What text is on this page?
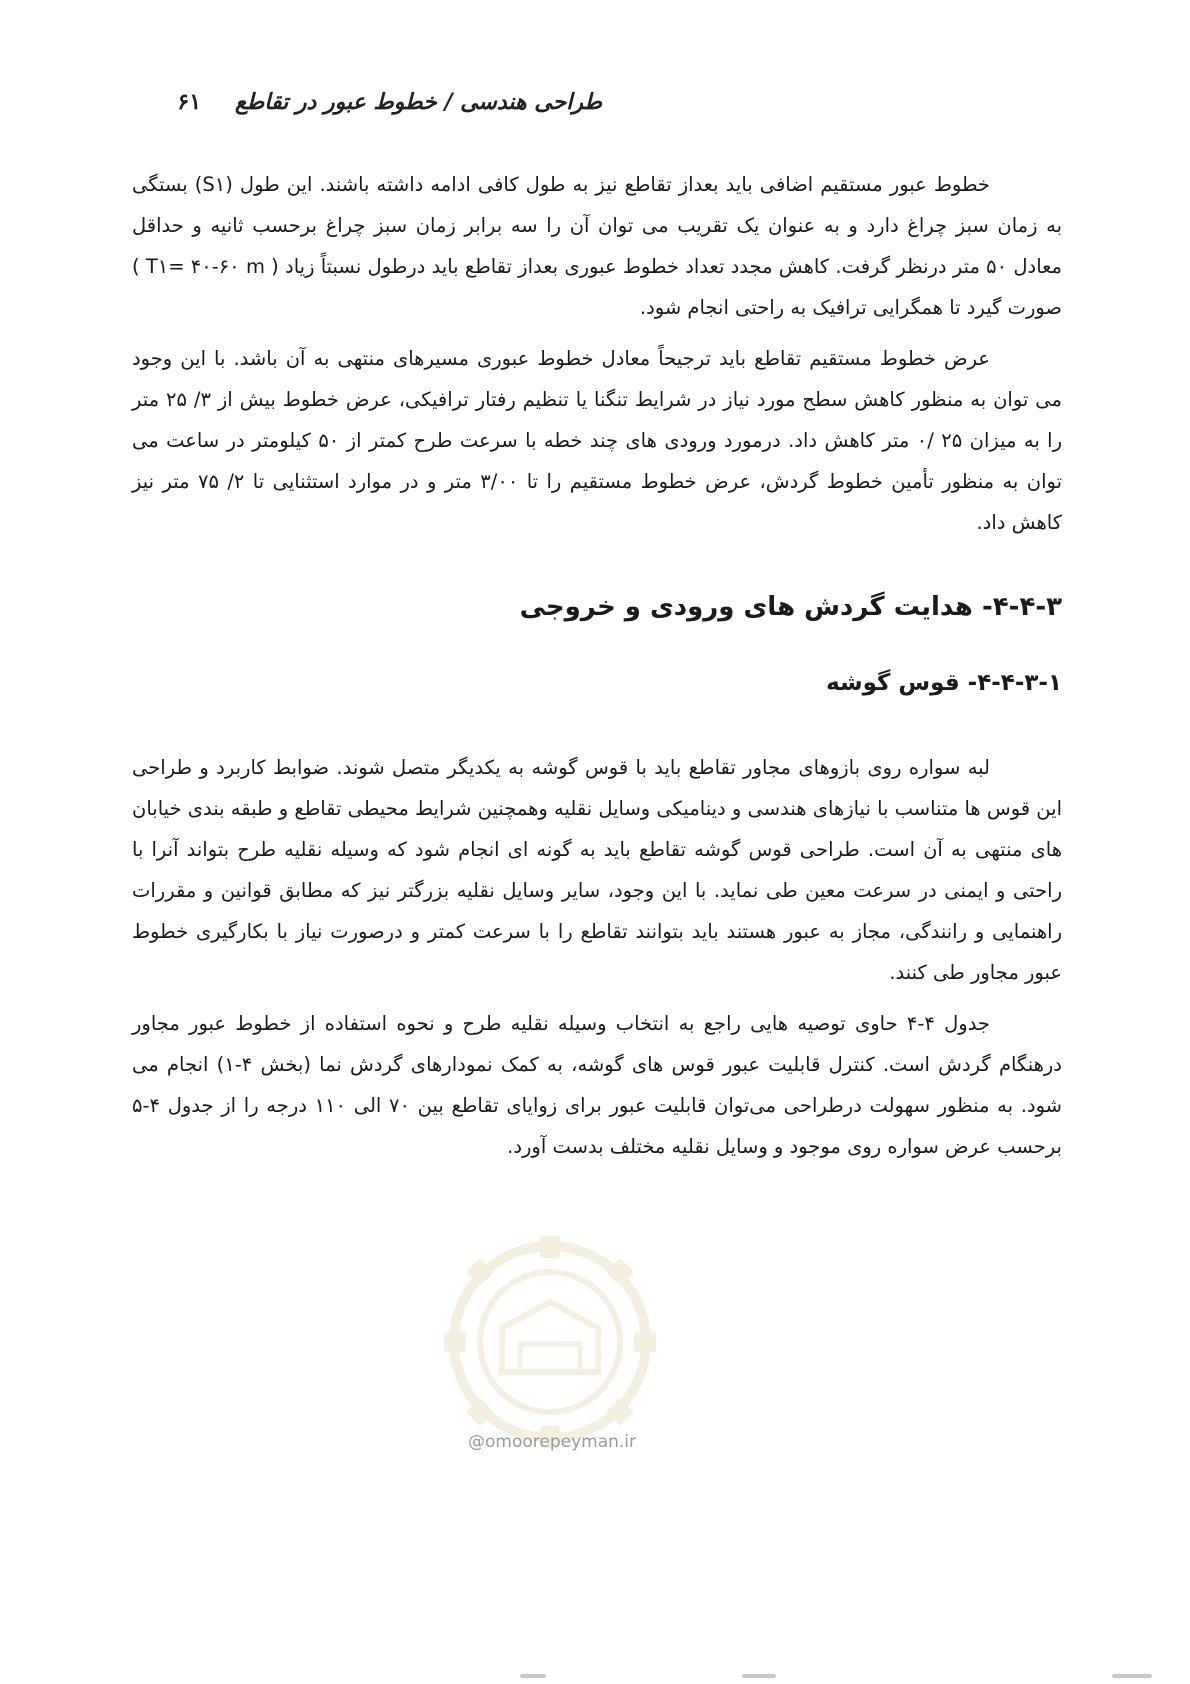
طراحی هندسی / خطوط عبور در تقاطع
۶۱

خطوط عبور مستقیم اضافی باید بعداز تقاطع نیز به طول کافی ادامه داشته باشند. این طول (S۱) بستگی به زمان سبز چراغ دارد و به عنوان یک تقریب می توان آن را سه برابر زمان سبز چراغ برحسب ثانیه و حداقل معادل ۵۰ متر درنظر گرفت. کاهش مجدد تعداد خطوط عبوری بعداز تقاطع باید درطول نسبتاً زیاد ( T۱= ۴۰-۶۰ m ) صورت گیرد تا همگرایی ترافیک به راحتی انجام شود.

عرض خطوط مستقیم تقاطع باید ترجیحاً معادل خطوط عبوری مسیرهای منتهی به آن باشد. با این وجود می توان به منظور کاهش سطح مورد نیاز در شرایط تنگنا یا تنظیم رفتار ترافیکی، عرض خطوط بیش از ۳/ ۲۵ متر را به میزان ۲۵ /۰ متر کاهش داد. درمورد ورودی های چند خطه با سرعت طرح کمتر از ۵۰ کیلومتر در ساعت می توان به منظور تأمین خطوط گردش، عرض خطوط مستقیم را تا ۳/۰۰ متر و در موارد استثنایی تا ۲/ ۷۵ متر نیز کاهش داد.

۴-۴-۳- هدایت گردش های ورودی و خروجی
۴-۴-۳-۱- قوس گوشه

لبه سواره روی بازوهای مجاور تقاطع باید با قوس گوشه به یکدیگر متصل شوند. ضوابط کاربرد و طراحی این قوس ها متناسب با نیازهای هندسی و دینامیکی وسایل نقلیه وهمچنین شرایط محیطی تقاطع و طبقه بندی خیابان های منتهی به آن است. طراحی قوس گوشه تقاطع باید به گونه ای انجام شود که وسیله نقلیه طرح بتواند آنرا با راحتی و ایمنی در سرعت معین طی نماید. با این وجود، سایر وسایل نقلیه بزرگتر نیز که مطابق قوانین و مقررات راهنمایی و رانندگی، مجاز به عبور هستند باید بتوانند تقاطع را با سرعت کمتر و درصورت نیاز با بکارگیری خطوط عبور مجاور طی کنند.

جدول ۴-۴ حاوی توصیه هایی راجع به انتخاب وسیله نقلیه طرح و نحوه استفاده از خطوط عبور مجاور درهنگام گردش است. کنترل قابلیت عبور قوس های گوشه، به کمک نمودارهای گردش نما (بخش ۴-۱) انجام می شود. به منظور سهولت درطراحی می‌توان قابلیت عبور برای زوایای تقاطع بین ۷۰ الی ۱۱۰ درجه را از جدول ۴-۵ برحسب عرض سواره روی موجود و وسایل نقلیه مختلف بدست آورد.

@omoorepeyman.ir
